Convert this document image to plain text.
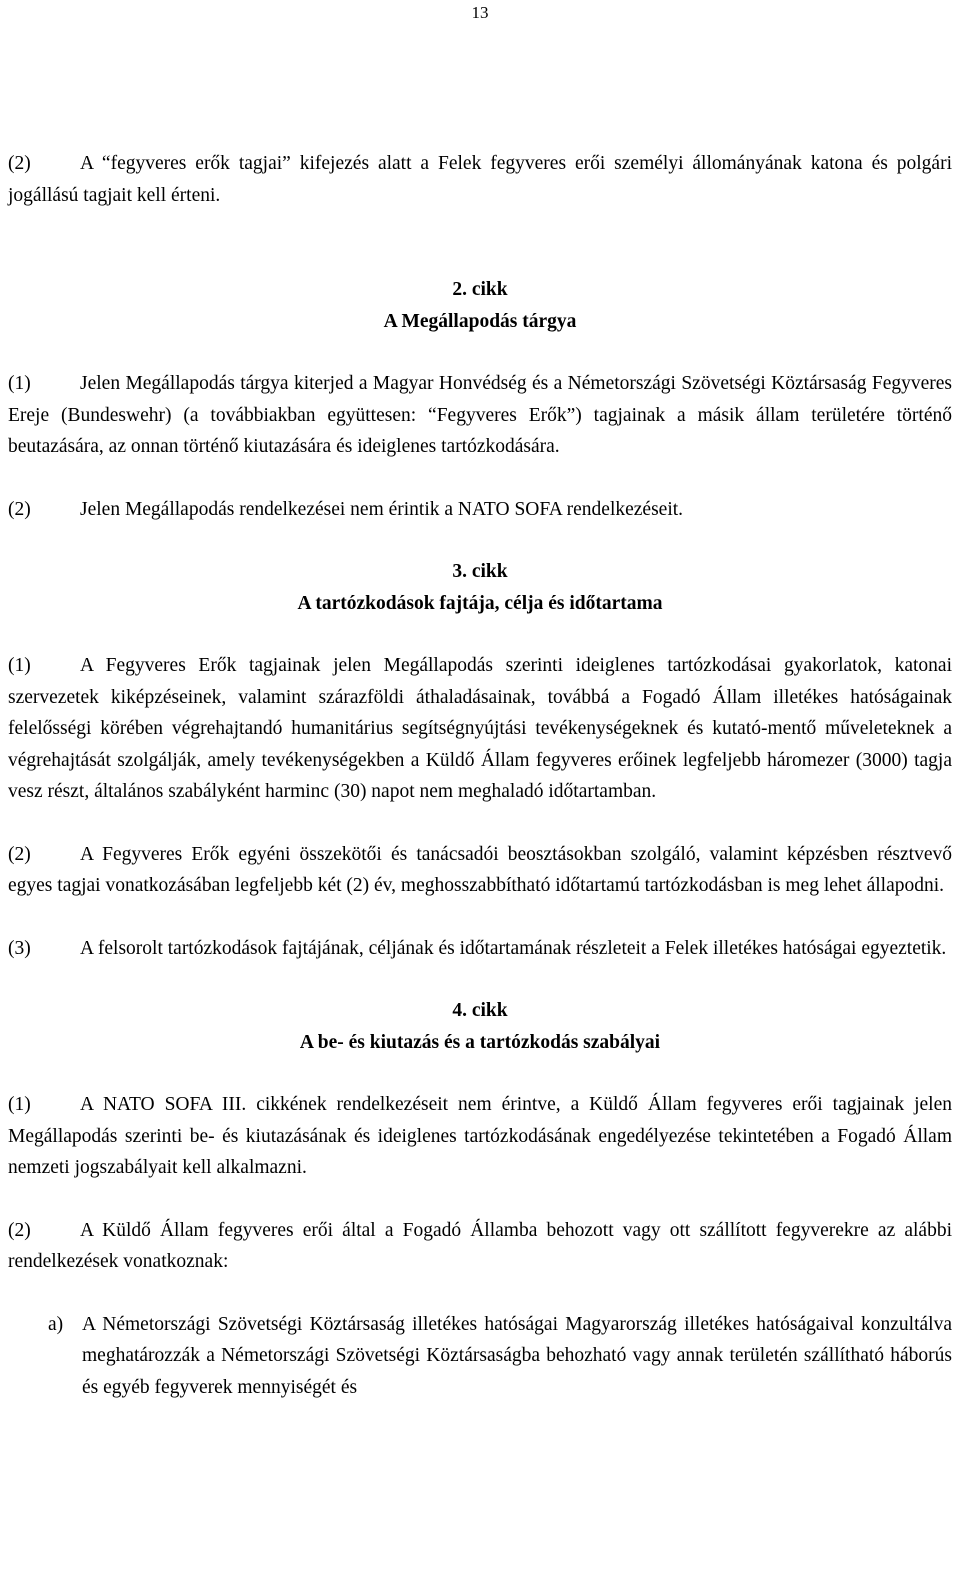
13

(2)	A “fegyveres erők tagjai” kifejezés alatt a Felek fegyveres erői személyi állományának katona és polgári jogállású tagjait kell érteni.

2. cikk
A Megállapodás tárgya

(1)	Jelen Megállapodás tárgya kiterjed a Magyar Honvédség és a Németországi Szövetségi Köztársaság Fegyveres Ereje (Bundeswehr) (a továbbiakban együttesen: “Fegyveres Erők”) tagjainak a másik állam területére történő beutazására, az onnan történő kiutazására és ideiglenes tartózkodására.

(2)	Jelen Megállapodás rendelkezései nem érintik a NATO SOFA rendelkezéseit.

3. cikk
A tartózkodások fajtája, célja és időtartama

(1)	A Fegyveres Erők tagjainak jelen Megállapodás szerinti ideiglenes tartózkodásai gyakorlatok, katonai szervezetek kiképzéseinek, valamint szárazföldi áthaladásainak, továbbá a Fogadó Állam illetékes hatóságainak felelősségi körében végrehajtandó humanitárius segítségnyújtási tevékenységeknek és kutató-mentő műveleteknek a végrehajtását szolgálják, amely tevékenységekben a Küldő Állam fegyveres erőinek legfeljebb háromezer (3000) tagja vesz részt, általános szabályként harminc (30) napot nem meghaladó időtartamban.

(2)	A Fegyveres Erők egyéni összekötői és tanácsadói beosztásokban szolgáló, valamint képzésben résztvevő egyes tagjai vonatkozásában legfeljebb két (2) év, meghosszabbítható időtartamú tartózkodásban is meg lehet állapodni.

(3)	A felsorolt tartózkodások fajtájának, céljának és időtartamának részleteit a Felek illetékes hatóságai egyeztetik.

4. cikk
A be- és kiutazás és a tartózkodás szabályai

(1)	A NATO SOFA III. cikkének rendelkezéseit nem érintve, a Küldő Állam fegyveres erői tagjainak jelen Megállapodás szerinti be- és kiutazásának és ideiglenes tartózkodásának engedélyezése tekintetében a Fogadó Állam nemzeti jogszabályait kell alkalmazni.

(2)	A Küldő Állam fegyveres erői által a Fogadó Államba behozott vagy ott szállított fegyverekre az alábbi rendelkezések vonatkoznak:

a) A Németországi Szövetségi Köztársaság illetékes hatóságai Magyarország illetékes hatóságaival konzultálva meghatározzák a Németországi Szövetségi Köztársaságba behozható vagy annak területén szállítható háborús és egyéb fegyverek mennyiségét és
